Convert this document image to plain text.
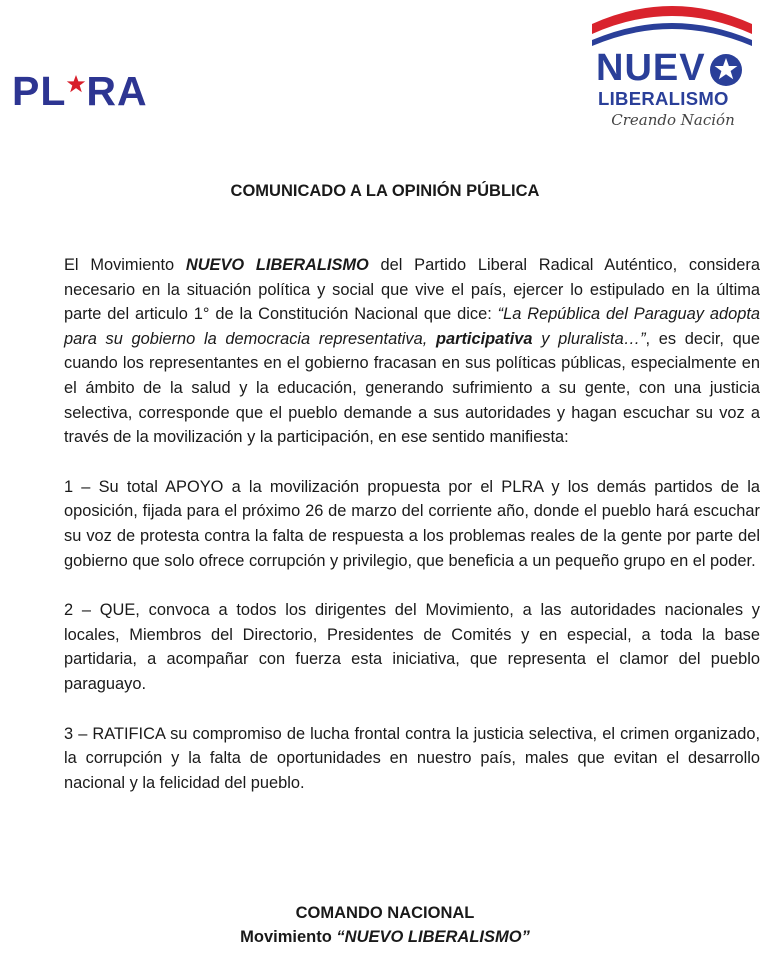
PL RA	NUEV
LIBERALISMO
Creando Nación
COMUNICADO A LA OPINIÓN PÚBLICA

El Movimiento NUEVO LIBERALISMO del Partido Liberal Radical Auténtico, considera necesario en la situación política y social que vive el país, ejercer lo estipulado en la última parte del articulo 1° de la Constitución Nacional que dice: “La República del Paraguay adopta para su gobierno la democracia representativa, participativa y pluralista…”, es decir, que cuando los representantes en el gobierno fracasan en sus políticas públicas, especialmente en el ámbito de la salud y la educación, generando sufrimiento a su gente, con una justicia selectiva, corresponde que el pueblo demande a sus autoridades y hagan escuchar su voz a través de la movilización y la participación, en ese sentido manifiesta:

1 – Su total APOYO a la movilización propuesta por el PLRA y los demás partidos de la oposición, fijada para el próximo 26 de marzo del corriente año, donde el pueblo hará escuchar su voz de protesta contra la falta de respuesta a los problemas reales de la gente por parte del gobierno que solo ofrece corrupción y privilegio, que beneficia a un pequeño grupo en el poder.

2 – QUE, convoca a todos los dirigentes del Movimiento, a las autoridades nacionales y locales, Miembros del Directorio, Presidentes de Comités y en especial, a toda la base partidaria, a acompañar con fuerza esta iniciativa, que representa el clamor del pueblo paraguayo.

3 – RATIFICA su compromiso de lucha frontal contra la justicia selectiva, el crimen organizado, la corrupción y la falta de oportunidades en nuestro país, males que evitan el desarrollo nacional y la felicidad del pueblo.

COMANDO NACIONAL
Movimiento “NUEVO LIBERALISMO”
